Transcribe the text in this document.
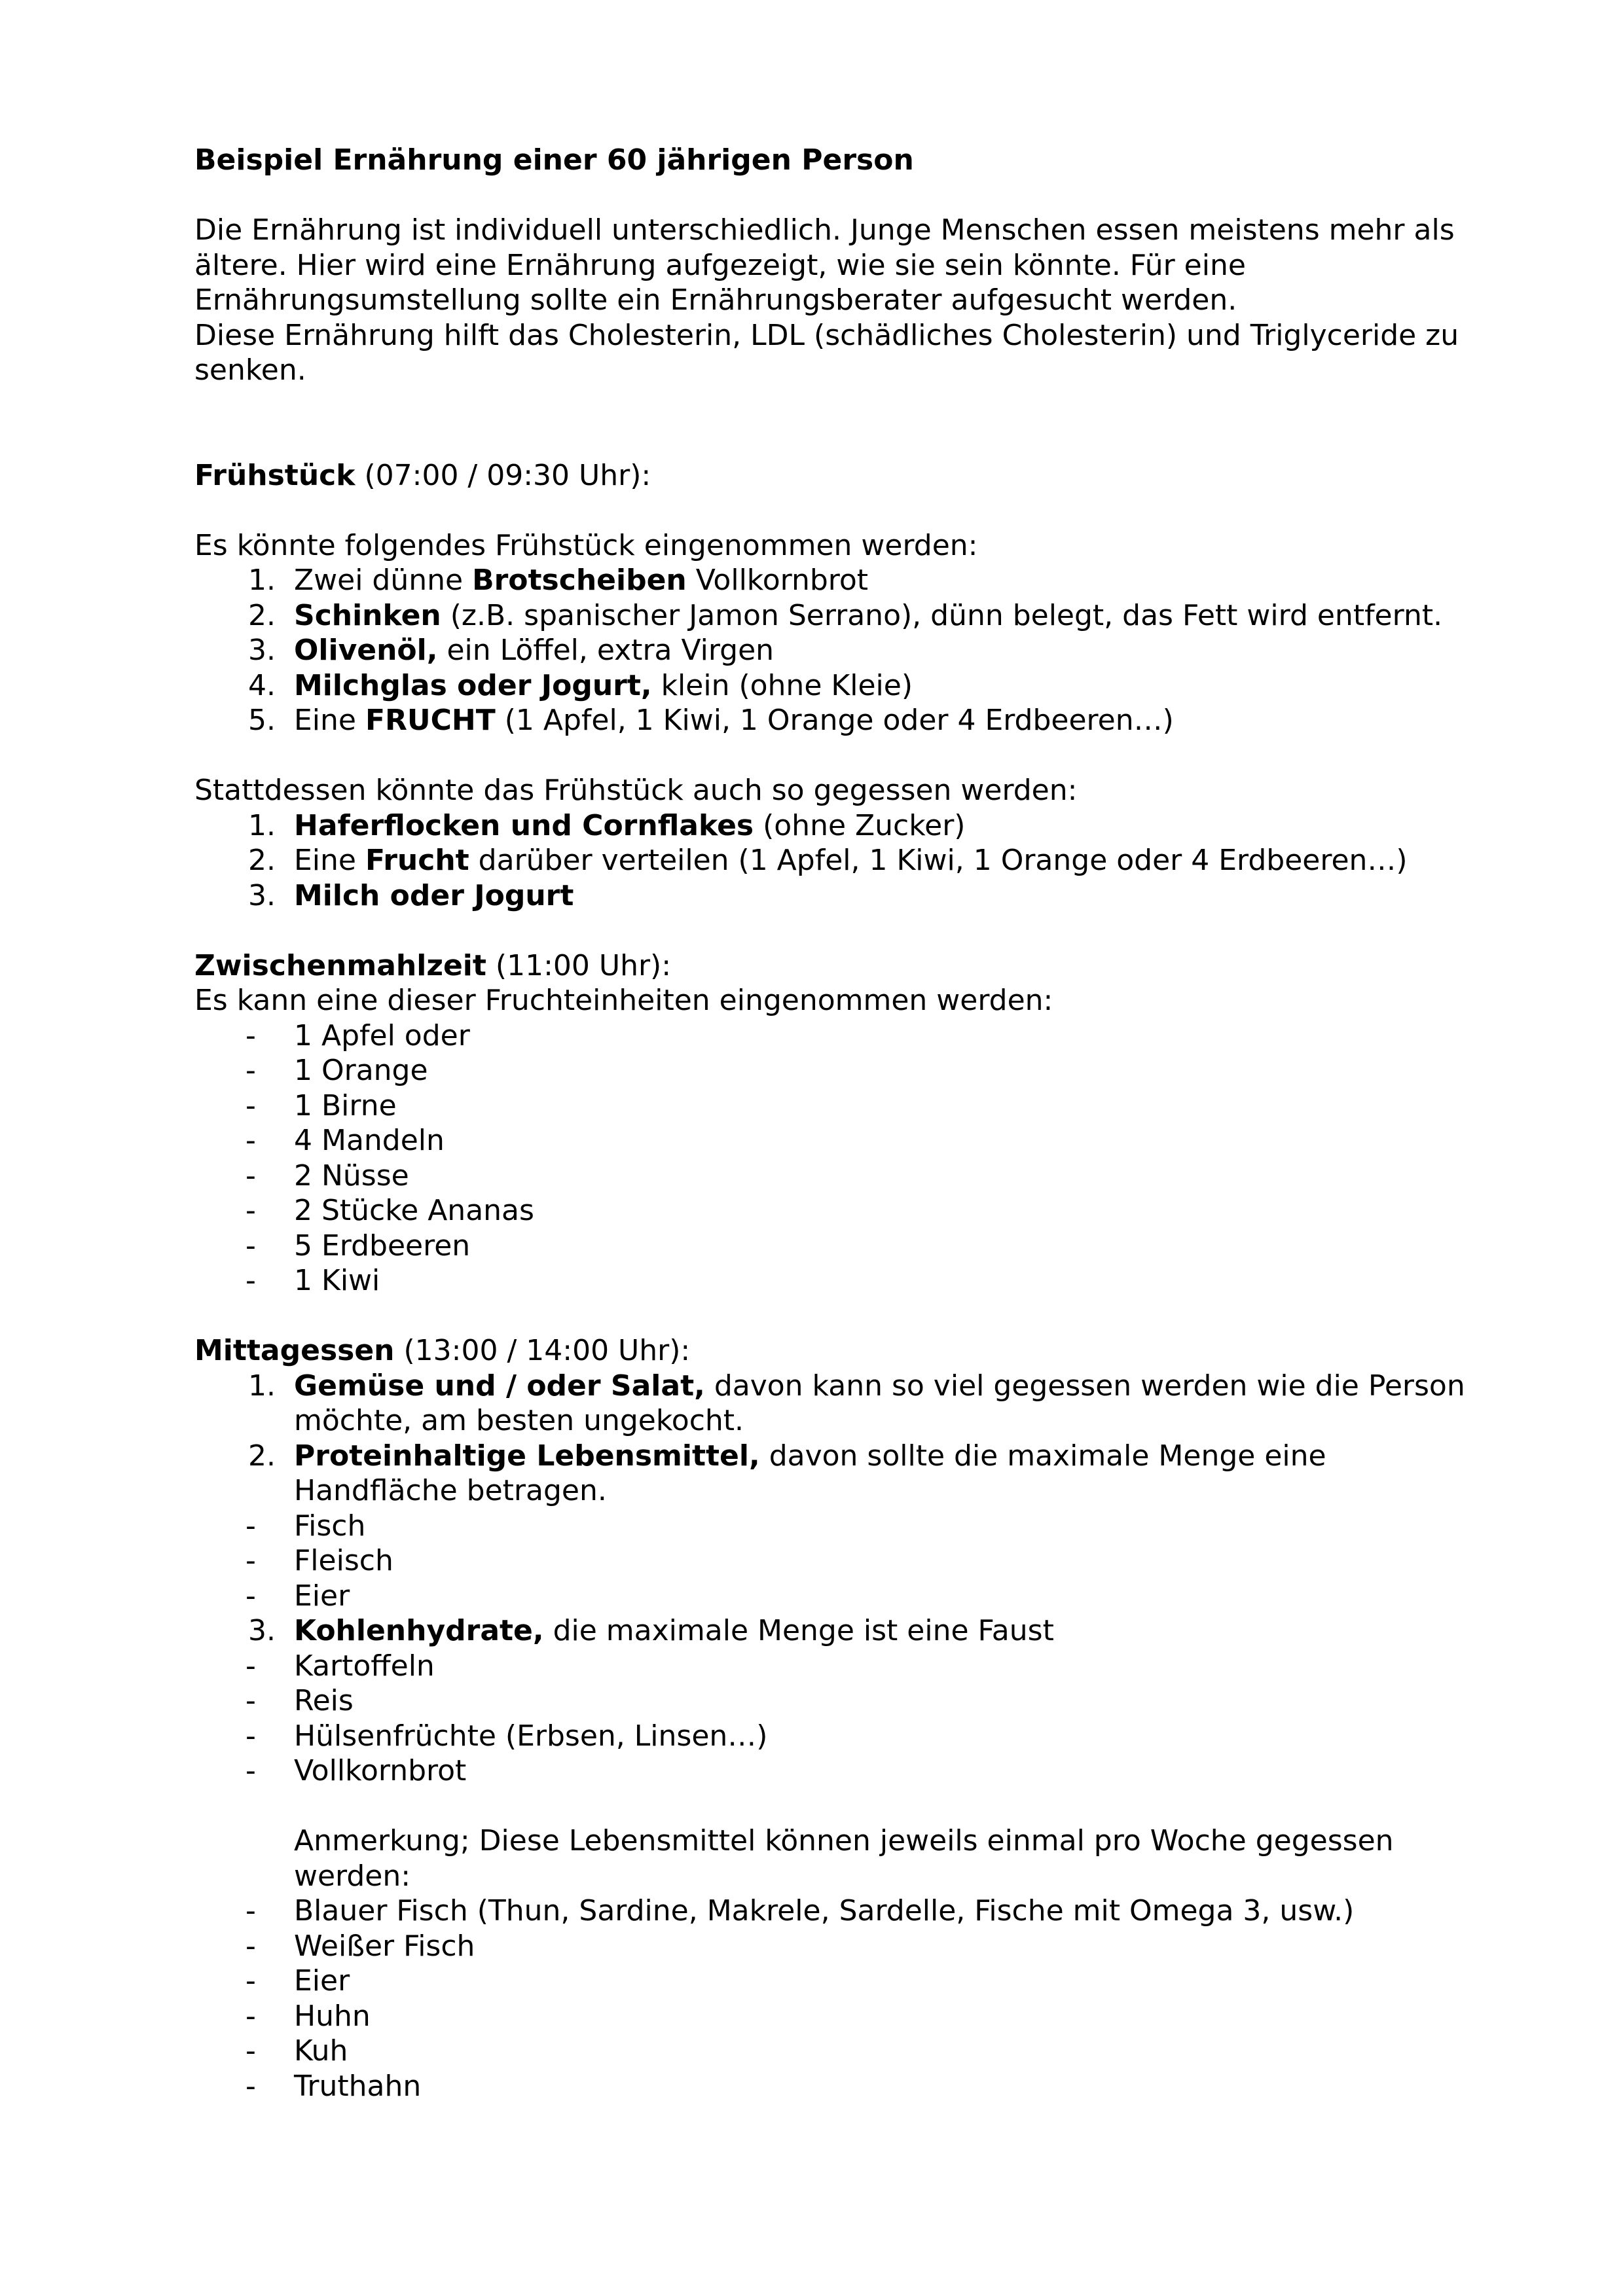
Beispiel Ernährung einer 60 jährigen Person

Die Ernährung ist individuell unterschiedlich. Junge Menschen essen meistens mehr als ältere. Hier wird eine Ernährung aufgezeigt, wie sie sein könnte. Für eine Ernährungsumstellung sollte ein Ernährungsberater aufgesucht werden.

Diese Ernährung hilft das Cholesterin, LDL (schädliches Cholesterin) und Triglyceride zu senken.

Frühstück (07:00 / 09:30 Uhr):

Es könnte folgendes Frühstück eingenommen werden:

1. Zwei dünne Brotscheiben Vollkornbrot
2. Schinken (z.B. spanischer Jamon Serrano), dünn belegt, das Fett wird entfernt.
3. Olivenöl, ein Löffel, extra Virgen
4. Milchglas oder Jogurt, klein (ohne Kleie)
5. Eine FRUCHT (1 Apfel, 1 Kiwi, 1 Orange oder 4 Erdbeeren…)

Stattdessen könnte das Frühstück auch so gegessen werden:

1. Haferflocken und Cornflakes (ohne Zucker)
2. Eine Frucht darüber verteilen (1 Apfel, 1 Kiwi, 1 Orange oder 4 Erdbeeren…)
3. Milch oder Jogurt

Zwischenmahlzeit (11:00 Uhr):

Es kann eine dieser Fruchteinheiten eingenommen werden:

- 1 Apfel oder
- 1 Orange
- 1 Birne
- 4 Mandeln
- 2 Nüsse
- 2 Stücke Ananas
- 5 Erdbeeren
- 1 Kiwi

Mittagessen (13:00 / 14:00 Uhr):

1. Gemüse und / oder Salat, davon kann so viel gegessen werden wie die Person möchte, am besten ungekocht.
2. Proteinhaltige Lebensmittel, davon sollte die maximale Menge eine Handfläche betragen.
- Fisch
- Fleisch
- Eier
3. Kohlenhydrate, die maximale Menge ist eine Faust
- Kartoffeln
- Reis
- Hülsenfrüchte (Erbsen, Linsen…)
- Vollkornbrot
Anmerkung; Diese Lebensmittel können jeweils einmal pro Woche gegessen werden:
- Blauer Fisch (Thun, Sardine, Makrele, Sardelle, Fische mit Omega 3, usw.)
- Weißer Fisch
- Eier
- Huhn
- Kuh
- Truthahn
